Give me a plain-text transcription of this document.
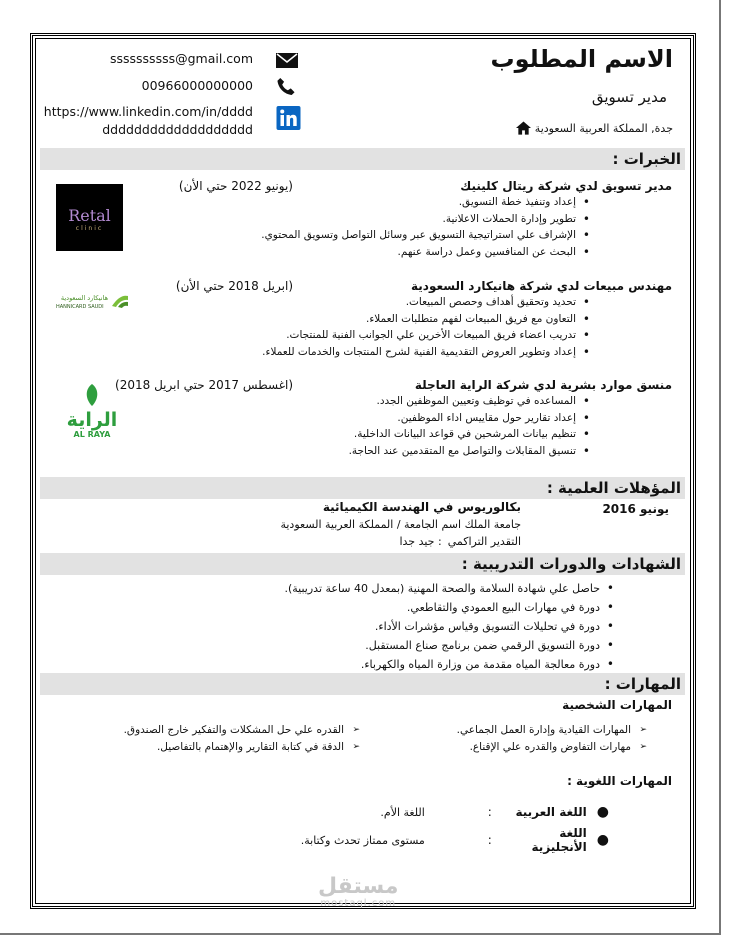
الاسم المطلوب
مدير تسويق
جدة, المملكة العربية السعودية
ssssssssss@gmail.com
00966000000000
https://www.linkedin.com/in/dddd
ddddddddddddddddddd
الخبرات :
مدير تسويق لدي شركة ريتال كلينيك
(يونيو 2022 حتي الأن)
• إعداد وتنفيذ خطة التسويق.
• تطوير وإدارة الحملات الاعلانية.
• الإشراف علي استراتيجية التسويق عبر وسائل التواصل وتسويق المحتوي.
• البحث عن المنافسين وعمل دراسة عنهم.
Retal
clinic
مهندس مبيعات لدي شركة هانيكارد السعودية
(ابريل 2018 حتي الأن)
• تحديد وتحقيق أهداف وحصص المبيعات.
• التعاون مع فريق المبيعات لفهم متطلبات العملاء.
• تدريب اعضاء فريق المبيعات الأخرين علي الجوانب الفنية للمنتجات.
• إعداد وتطوير العروض التقديمية الفنية لشرح المنتجات والخدمات للعملاء.
هانيكارد السعودية
HANNICARD SAUDI
منسق موارد بشرية لدي شركة الراية العاجلة
(اغسطس 2017 حتي ابريل 2018)
• المساعده في توظيف وتعيين الموظفين الجدد.
• إعداد تقارير حول مقاييس اداء الموظفين.
• تنظيم بيانات المرشحين في قواعد البيانات الداخلية.
• تنسيق المقابلات والتواصل مع المتقدمين عند الحاجة.
الراية
AL RAYA
المؤهلات العلمية :
يونيو 2016
بكالوريوس في الهندسة الكيميائية
جامعة الملك اسم الجامعة / المملكة العربية السعودية
التقدير التراكمي
: جيد جدا
الشهادات والدورات التدريبية :
• حاصل علي شهادة السلامة والصحة المهنية (بمعدل 40 ساعة تدريبية).
• دورة في مهارات البيع العمودي والتقاطعي.
• دورة في تحليلات التسويق وقياس مؤشرات الأداء.
• دورة التسويق الرقمي ضمن برنامج صناع المستقبل.
• دورة معالجة المياه مقدمة من وزارة المياه والكهرباء.
المهارات :
المهارات الشخصية
➢ المهارات القيادية وإدارة العمل الجماعي.
➢ مهارات التفاوض والقدره علي الإقناع.
➢ القدره علي حل المشكلات والتفكير خارج الصندوق.
➢ الدقة في كتابة التقارير والإهتمام بالتفاصيل.
المهارات اللغوية :
●
اللغة العربية
:
اللغة الأم.
●
اللغة الأنجليزية
:
مستوى ممتاز تحدث وكتابة.
مستقل
mostaql.com
